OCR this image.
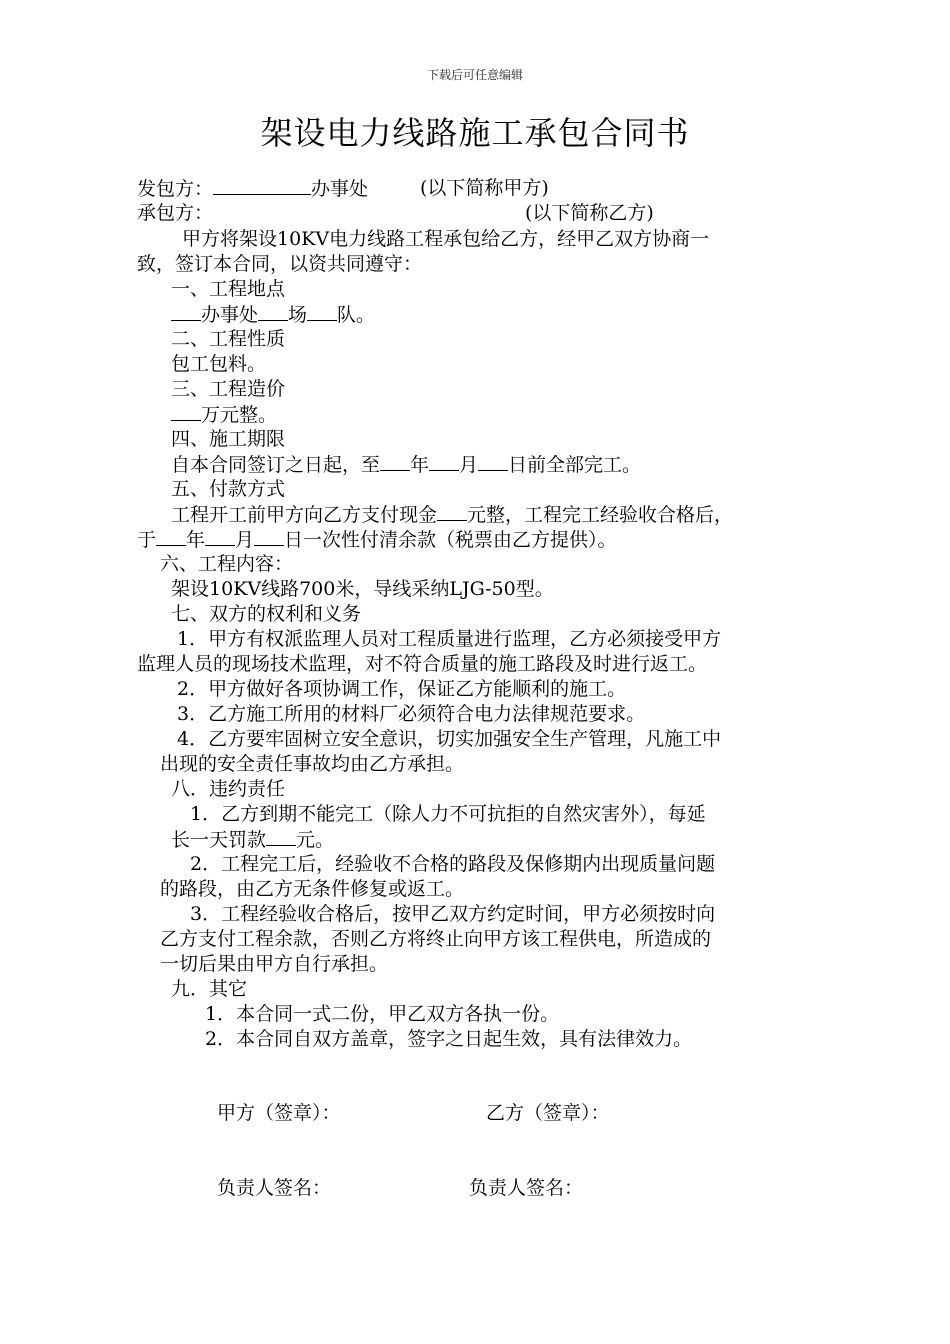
下载后可任意编辑
架设电力线路施工承包合同书
发包方：	办事处	(以下简称甲方)
承包方：	(以下简称乙方)
甲方将架设10KV电力线路工程承包给乙方，经甲乙双方协商一
致，签订本合同，以资共同遵守：
一、工程地点
办事处 场 队。
二、工程性质
包工包料。
三、工程造价
万元整。
四、施工期限
自本合同签订之日起，至 年 月 日前全部完工。
五、付款方式
工程开工前甲方向乙方支付现金 元整，工程完工经验收合格后，
于 年 月 日一次性付清余款（税票由乙方提供）。
六、工程内容：
架设10KV线路700米，导线采纳LJG-50型。
七、双方的权利和义务
1．甲方有权派监理人员对工程质量进行监理，乙方必须接受甲方
监理人员的现场技术监理，对不符合质量的施工路段及时进行返工。
2．甲方做好各项协调工作，保证乙方能顺利的施工。
3．乙方施工所用的材料厂必须符合电力法律规范要求。
4．乙方要牢固树立安全意识，切实加强安全生产管理，凡施工中
出现的安全责任事故均由乙方承担。
八．违约责任
1．乙方到期不能完工（除人力不可抗拒的自然灾害外），每延
长一天罚款 元。
2．工程完工后，经验收不合格的路段及保修期内出现质量问题
的路段，由乙方无条件修复或返工。
3．工程经验收合格后，按甲乙双方约定时间，甲方必须按时向
乙方支付工程余款，否则乙方将终止向甲方该工程供电，所造成的
一切后果由甲方自行承担。
九．其它
1．本合同一式二份，甲乙双方各执一份。
2．本合同自双方盖章，签字之日起生效，具有法律效力。
甲方（签章）：	乙方（签章）：
负责人签名：	负责人签名：
